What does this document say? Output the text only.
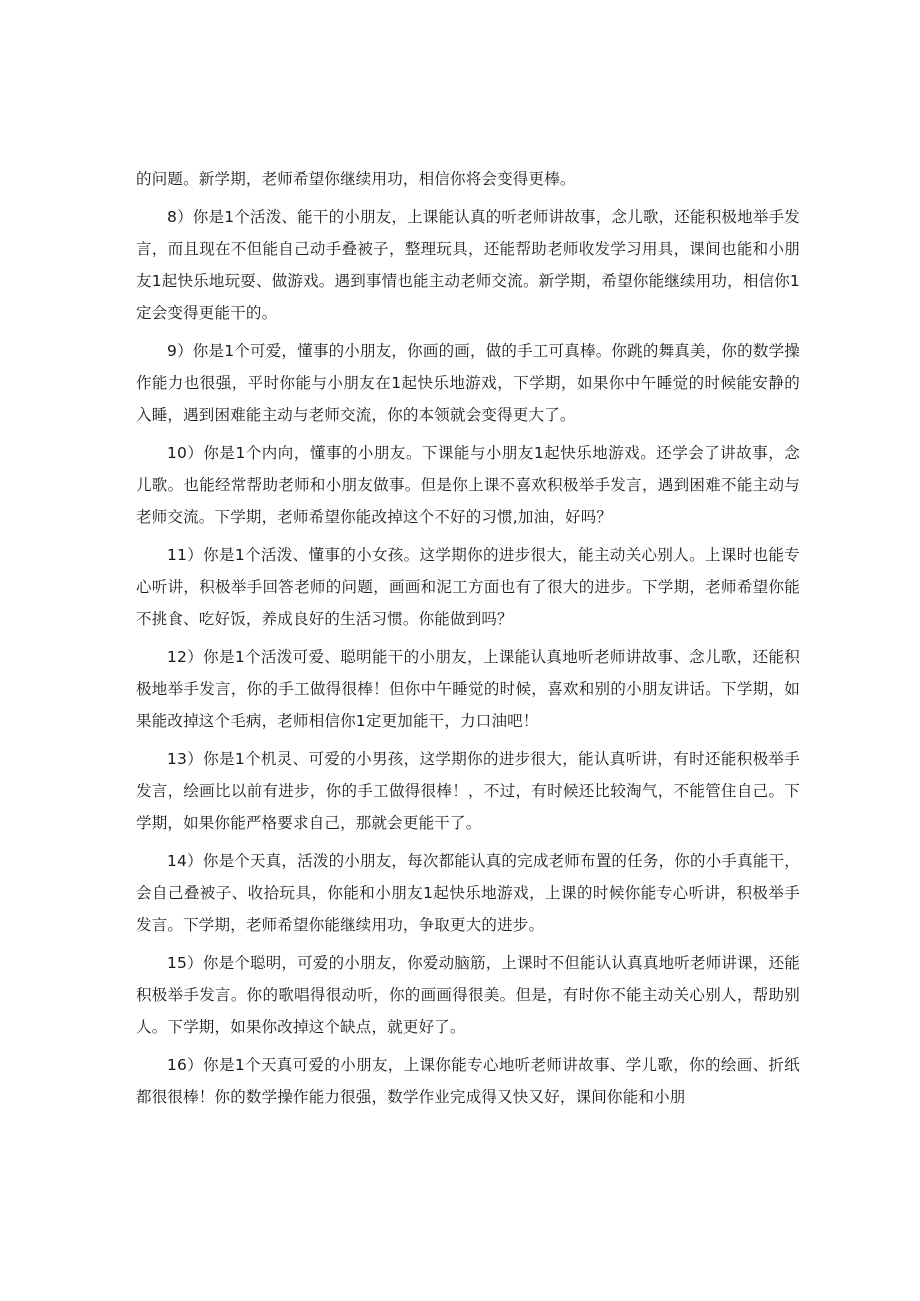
的问题。新学期，老师希望你继续用功，相信你将会变得更棒。

8）你是1个活泼、能干的小朋友，上课能认真的听老师讲故事，念儿歌，还能积极地举手发言，而且现在不但能自己动手叠被子，整理玩具，还能帮助老师收发学习用具，课间也能和小朋友1起快乐地玩耍、做游戏。遇到事情也能主动老师交流。新学期，希望你能继续用功，相信你1定会变得更能干的。

9）你是1个可爱，懂事的小朋友，你画的画，做的手工可真棒。你跳的舞真美，你的数学操作能力也很强，平时你能与小朋友在1起快乐地游戏，下学期，如果你中午睡觉的时候能安静的入睡，遇到困难能主动与老师交流，你的本领就会变得更大了。

10）你是1个内向，懂事的小朋友。下课能与小朋友1起快乐地游戏。还学会了讲故事，念儿歌。也能经常帮助老师和小朋友做事。但是你上课不喜欢积极举手发言，遇到困难不能主动与老师交流。下学期，老师希望你能改掉这个不好的习惯,加油，好吗？

11）你是1个活泼、懂事的小女孩。这学期你的进步很大，能主动关心别人。上课时也能专心听讲，积极举手回答老师的问题，画画和泥工方面也有了很大的进步。下学期，老师希望你能不挑食、吃好饭，养成良好的生活习惯。你能做到吗？

12）你是1个活泼可爱、聪明能干的小朋友，上课能认真地听老师讲故事、念儿歌，还能积极地举手发言，你的手工做得很棒！但你中午睡觉的时候，喜欢和别的小朋友讲话。下学期，如果能改掉这个毛病，老师相信你1定更加能干，力口油吧！

13）你是1个机灵、可爱的小男孩，这学期你的进步很大，能认真听讲，有时还能积极举手发言，绘画比以前有进步，你的手工做得很棒！，不过，有时候还比较淘气，不能管住自己。下学期，如果你能严格要求自己，那就会更能干了。

14）你是个天真，活泼的小朋友，每次都能认真的完成老师布置的任务，你的小手真能干，会自己叠被子、收拾玩具，你能和小朋友1起快乐地游戏，上课的时候你能专心听讲，积极举手发言。下学期，老师希望你能继续用功，争取更大的进步。

15）你是个聪明，可爱的小朋友，你爱动脑筋，上课时不但能认认真真地听老师讲课，还能积极举手发言。你的歌唱得很动听，你的画画得很美。但是，有时你不能主动关心别人，帮助别人。下学期，如果你改掉这个缺点，就更好了。

16）你是1个天真可爱的小朋友，上课你能专心地听老师讲故事、学儿歌，你的绘画、折纸都很很棒！你的数学操作能力很强，数学作业完成得又快又好，课间你能和小朋
